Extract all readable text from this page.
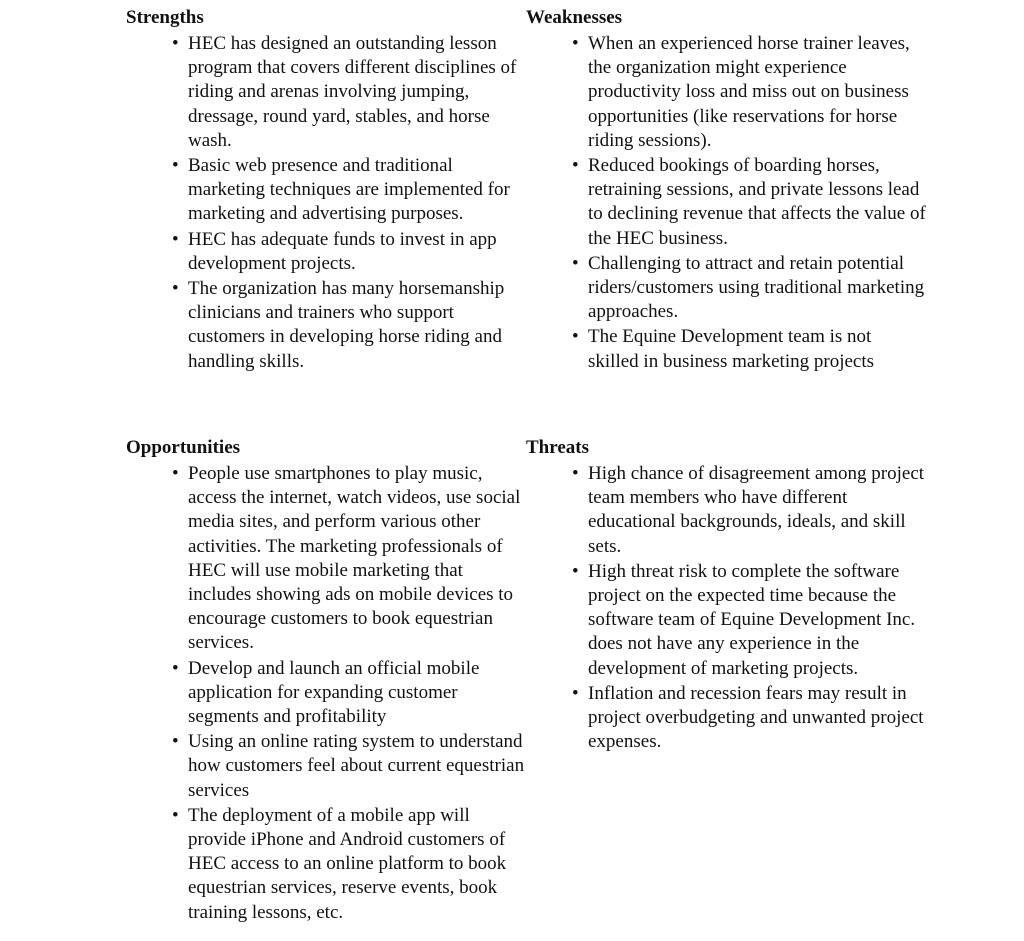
Strengths
• HEC has designed an outstanding lesson program that covers different disciplines of riding and arenas involving jumping, dressage, round yard, stables, and horse wash.
• Basic web presence and traditional marketing techniques are implemented for marketing and advertising purposes.
• HEC has adequate funds to invest in app development projects.
• The organization has many horsemanship clinicians and trainers who support customers in developing horse riding and handling skills.
Weaknesses
• When an experienced horse trainer leaves, the organization might experience productivity loss and miss out on business opportunities (like reservations for horse riding sessions).
• Reduced bookings of boarding horses, retraining sessions, and private lessons lead to declining revenue that affects the value of the HEC business.
• Challenging to attract and retain potential riders/customers using traditional marketing approaches.
• The Equine Development team is not skilled in business marketing projects
Opportunities
• People use smartphones to play music, access the internet, watch videos, use social media sites, and perform various other activities. The marketing professionals of HEC will use mobile marketing that includes showing ads on mobile devices to encourage customers to book equestrian services.
• Develop and launch an official mobile application for expanding customer segments and profitability
• Using an online rating system to understand how customers feel about current equestrian services
• The deployment of a mobile app will provide iPhone and Android customers of HEC access to an online platform to book equestrian services, reserve events, book training lessons, etc.
Threats
• High chance of disagreement among project team members who have different educational backgrounds, ideals, and skill sets.
• High threat risk to complete the software project on the expected time because the software team of Equine Development Inc. does not have any experience in the development of marketing projects.
• Inflation and recession fears may result in project overbudgeting and unwanted project expenses.
